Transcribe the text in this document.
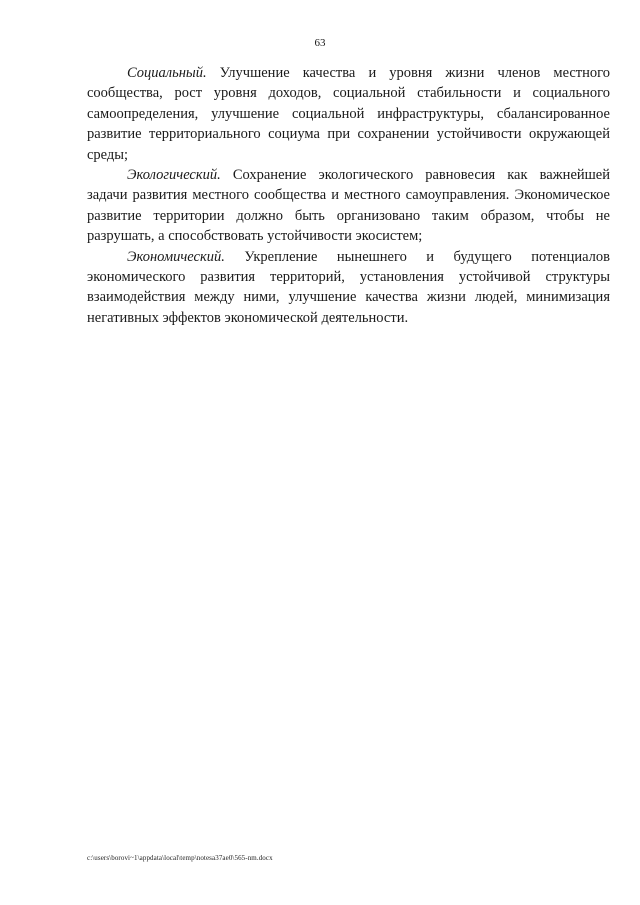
63

Социальный. Улучшение качества и уровня жизни членов местного сообщества, рост уровня доходов, социальной стабильности и социального самоопределения, улучшение социальной инфраструктуры, сбалансированное развитие территориального социума при сохранении устойчивости окружающей среды;

Экологический. Сохранение экологического равновесия как важнейшей задачи развития местного сообщества и местного самоуправления. Экономическое развитие территории должно быть организовано таким образом, чтобы не разрушать, а способствовать устойчивости экосистем;

Экономический. Укрепление нынешнего и будущего потенциалов экономического развития территорий, установления устойчивой структуры взаимодействия между ними, улучшение качества жизни людей, минимизация негативных эффектов экономической деятельности.

c:\users\borovi~1\appdata\local\temp\notesa37ae0\565-nm.docx
